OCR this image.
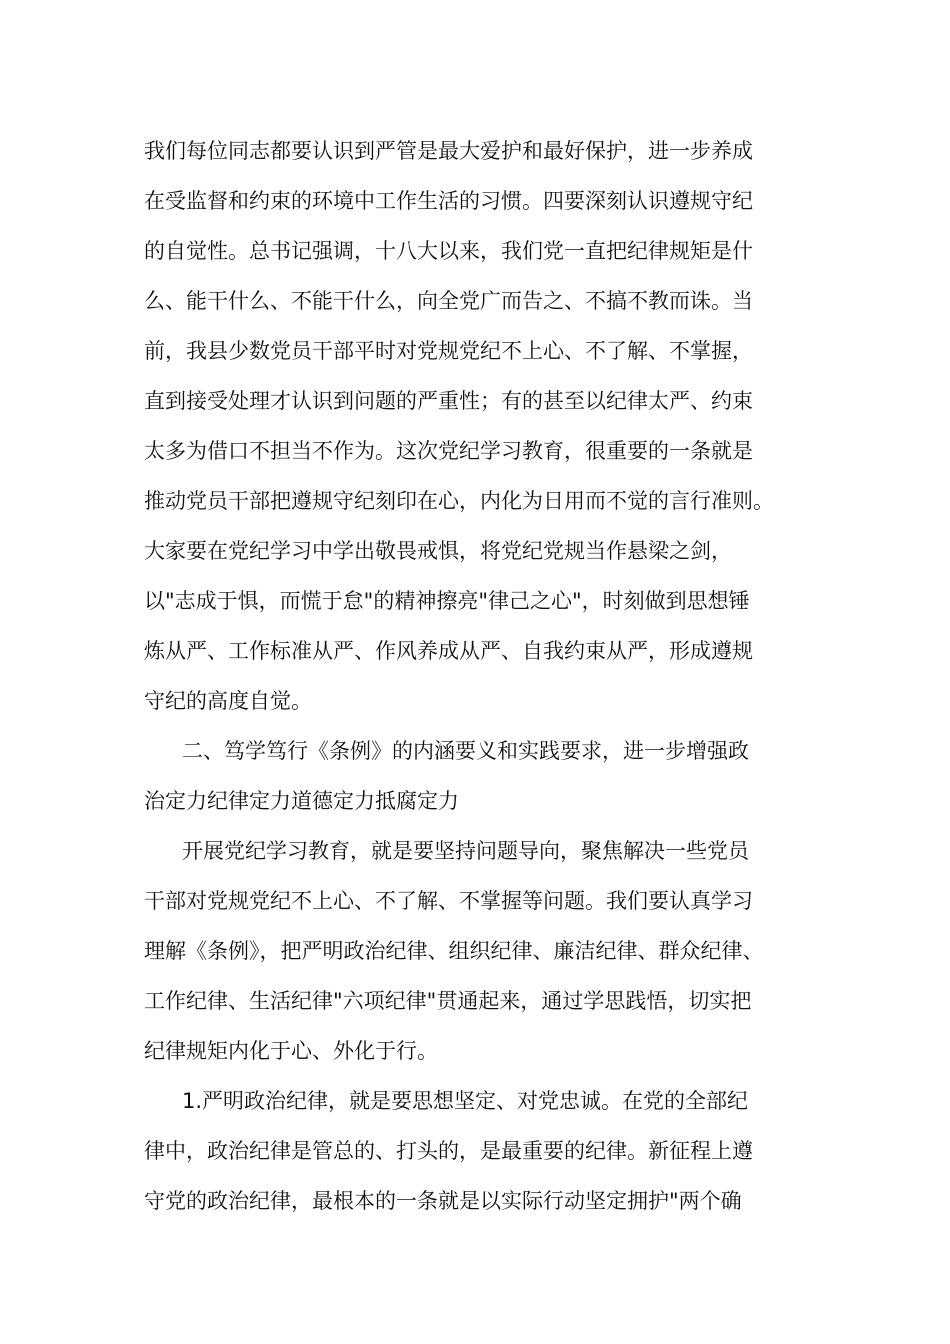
我们每位同志都要认识到严管是最大爱护和最好保护，进一步养成
在受监督和约束的环境中工作生活的习惯。四要深刻认识遵规守纪
的自觉性。总书记强调，十八大以来，我们党一直把纪律规矩是什
么、能干什么、不能干什么，向全党广而告之、不搞不教而诛。当
前，我县少数党员干部平时对党规党纪不上心、不了解、不掌握，
直到接受处理才认识到问题的严重性；有的甚至以纪律太严、约束
太多为借口不担当不作为。这次党纪学习教育，很重要的一条就是
推动党员干部把遵规守纪刻印在心，内化为日用而不觉的言行准则。
大家要在党纪学习中学出敬畏戒惧，将党纪党规当作悬梁之剑，
以"志成于惧，而慌于怠"的精神擦亮"律己之心"，时刻做到思想锤
炼从严、工作标准从严、作风养成从严、自我约束从严，形成遵规
守纪的高度自觉。
二、笃学笃行《条例》的内涵要义和实践要求，进一步增强政
治定力纪律定力道德定力抵腐定力
开展党纪学习教育，就是要坚持问题导向，聚焦解决一些党员
干部对党规党纪不上心、不了解、不掌握等问题。我们要认真学习
理解《条例》，把严明政治纪律、组织纪律、廉洁纪律、群众纪律、
工作纪律、生活纪律"六项纪律"贯通起来，通过学思践悟，切实把
纪律规矩内化于心、外化于行。
1.严明政治纪律，就是要思想坚定、对党忠诚。在党的全部纪
律中，政治纪律是管总的、打头的，是最重要的纪律。新征程上遵
守党的政治纪律，最根本的一条就是以实际行动坚定拥护"两个确
